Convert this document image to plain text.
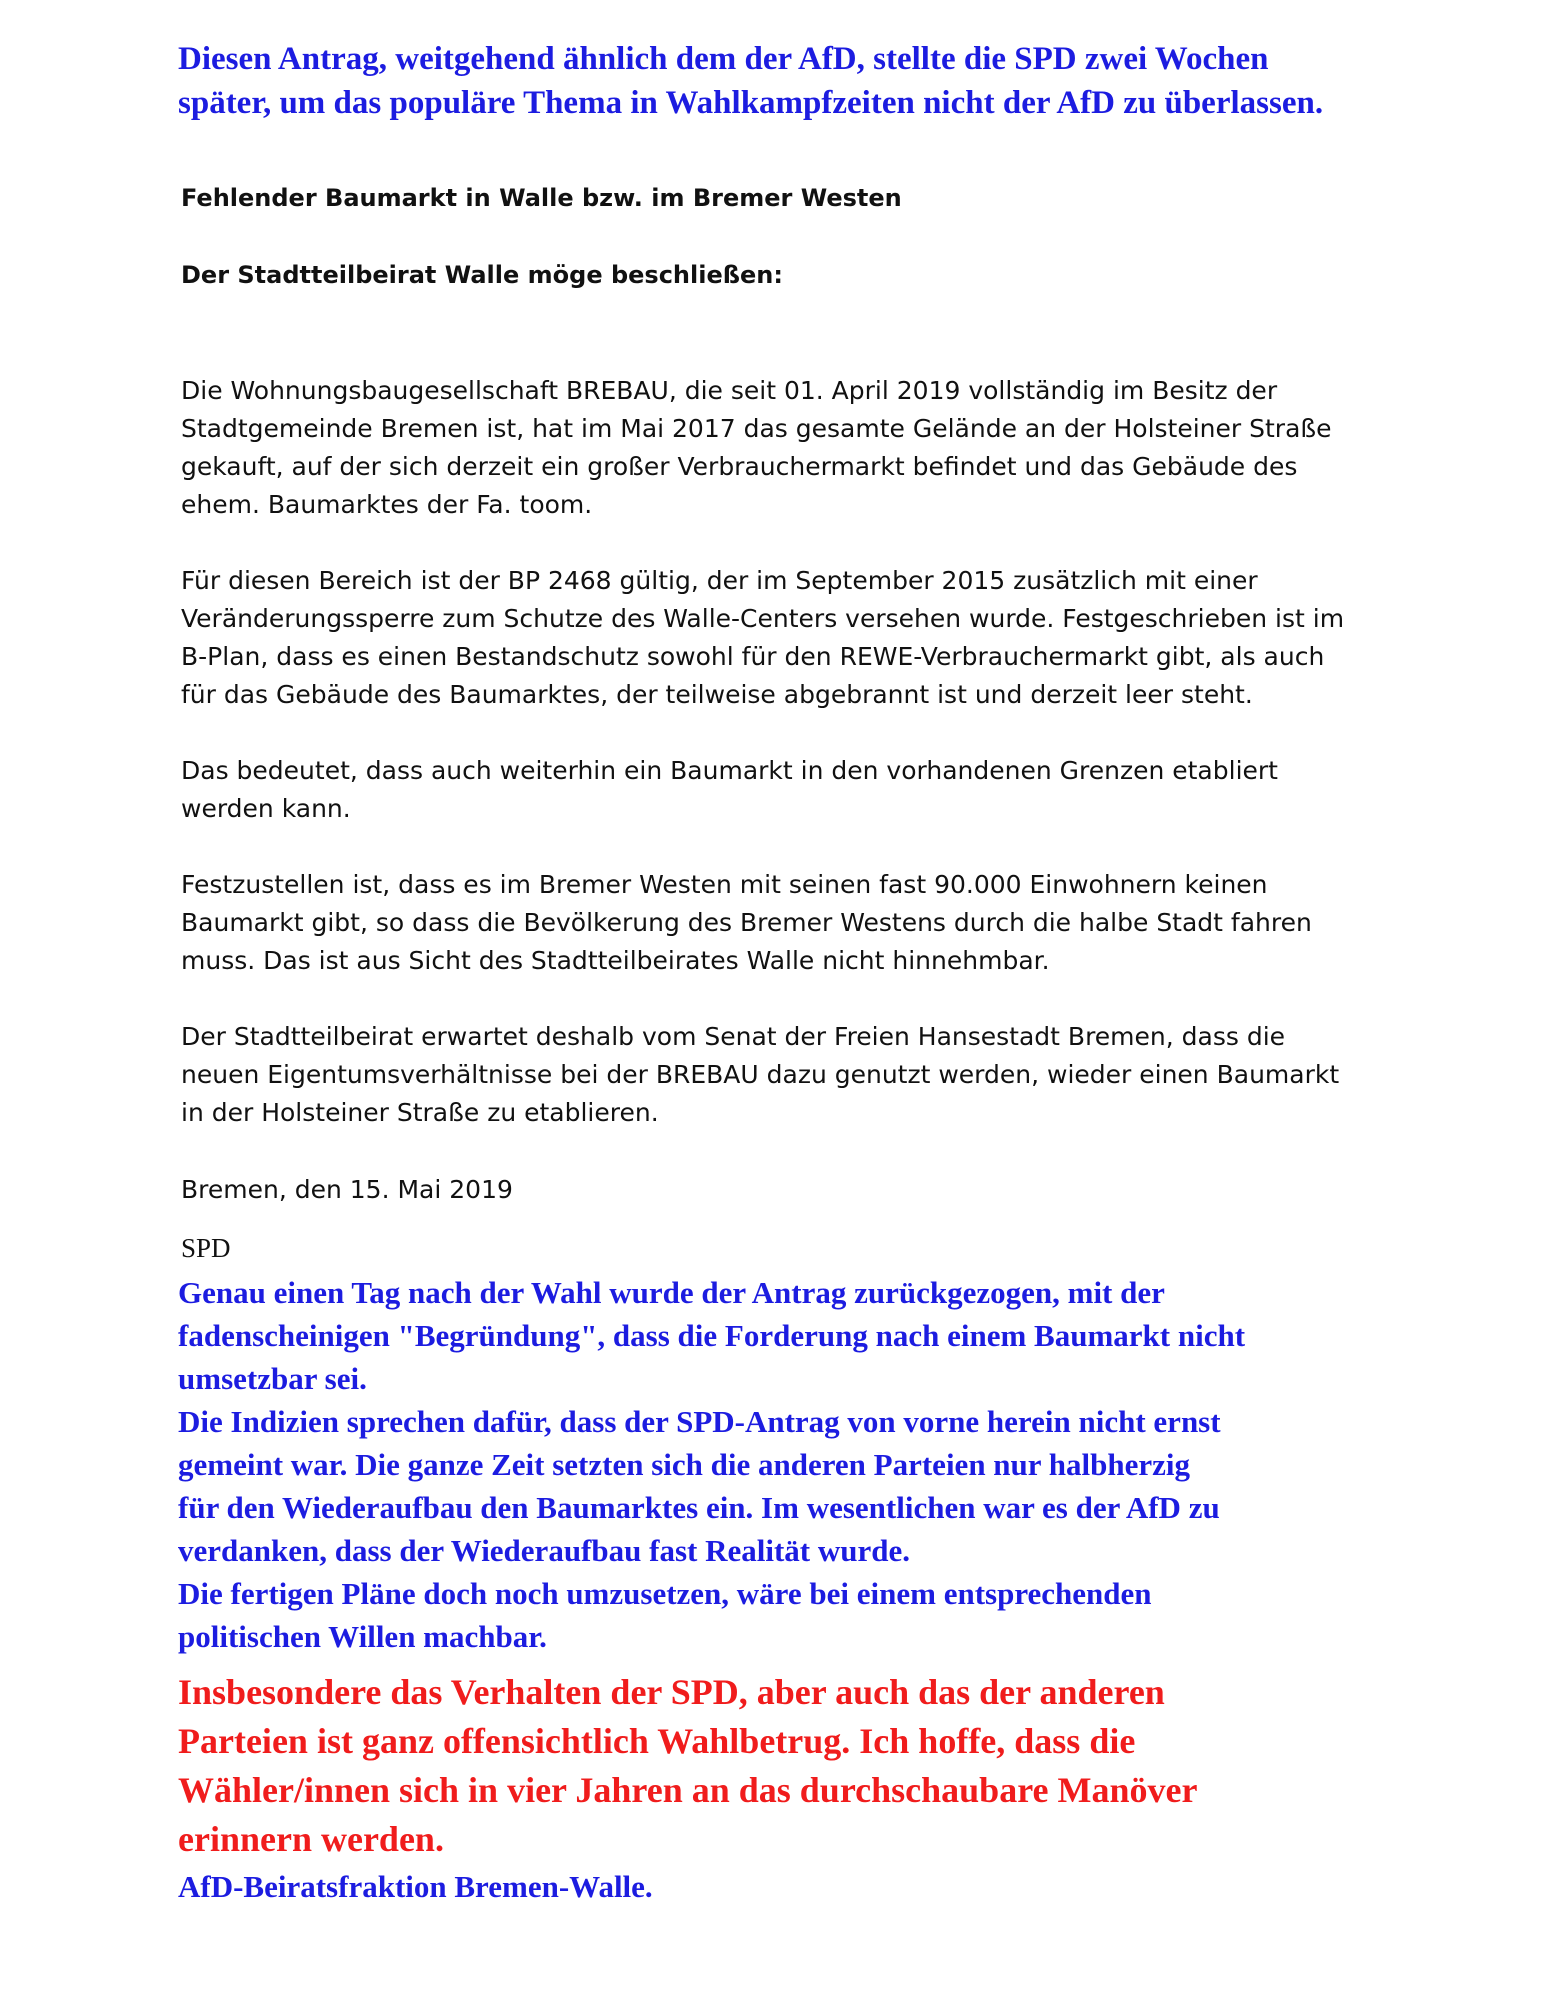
Diesen Antrag, weitgehend ähnlich dem der AfD, stellte die SPD zwei Wochen
später, um das populäre Thema in Wahlkampfzeiten nicht der AfD zu überlassen.
Fehlender Baumarkt in Walle bzw. im Bremer Westen
Der Stadtteilbeirat Walle möge beschließen:
Die Wohnungsbaugesellschaft BREBAU, die seit 01. April 2019 vollständig im Besitz der
Stadtgemeinde Bremen ist, hat im Mai 2017 das gesamte Gelände an der Holsteiner Straße
gekauft, auf der sich derzeit ein großer Verbrauchermarkt befindet und das Gebäude des
ehem. Baumarktes der Fa. toom.
Für diesen Bereich ist der BP 2468 gültig, der im September 2015 zusätzlich mit einer
Veränderungssperre zum Schutze des Walle-Centers versehen wurde. Festgeschrieben ist im
B-Plan, dass es einen Bestandschutz sowohl für den REWE-Verbrauchermarkt gibt, als auch
für das Gebäude des Baumarktes, der teilweise abgebrannt ist und derzeit leer steht.
Das bedeutet, dass auch weiterhin ein Baumarkt in den vorhandenen Grenzen etabliert
werden kann.
Festzustellen ist, dass es im Bremer Westen mit seinen fast 90.000 Einwohnern keinen
Baumarkt gibt, so dass die Bevölkerung des Bremer Westens durch die halbe Stadt fahren
muss. Das ist aus Sicht des Stadtteilbeirates Walle nicht hinnehmbar.
Der Stadtteilbeirat erwartet deshalb vom Senat der Freien Hansestadt Bremen, dass die
neuen Eigentumsverhältnisse bei der BREBAU dazu genutzt werden, wieder einen Baumarkt
in der Holsteiner Straße zu etablieren.
Bremen, den 15. Mai 2019
SPD
Genau einen Tag nach der Wahl wurde der Antrag zurückgezogen, mit der
fadenscheinigen "Begründung", dass die Forderung nach einem Baumarkt nicht
umsetzbar sei.
Die Indizien sprechen dafür, dass der SPD-Antrag von vorne herein nicht ernst
gemeint war. Die ganze Zeit setzten sich die anderen Parteien nur halbherzig
für den Wiederaufbau den Baumarktes ein. Im wesentlichen war es der AfD zu
verdanken, dass der Wiederaufbau fast Realität wurde.
Die fertigen Pläne doch noch umzusetzen, wäre bei einem entsprechenden
politischen Willen machbar.
Insbesondere das Verhalten der SPD, aber auch das der anderen
Parteien ist ganz offensichtlich Wahlbetrug. Ich hoffe, dass die
Wähler/innen sich in vier Jahren an das durchschaubare Manöver
erinnern werden.
AfD-Beiratsfraktion Bremen-Walle.
